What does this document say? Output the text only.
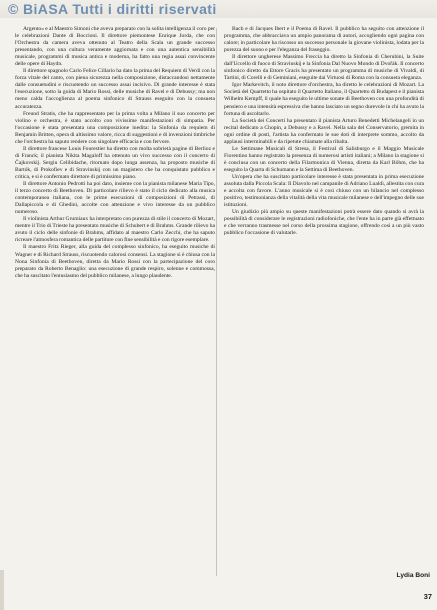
© BiASA Tutti i diritti riservati

Argento» e al Maestro Simoni che aveva preparato con la solita intelligenza il coro per le celebrazioni Dante di Boccioni. Il direttore piemontese Enrique Jorda, che con l'Orchestra da camera aveva ottenuto al Teatro della Scala un grande successo presentando, con una cultura veramente aggiornata e con una autentica sensibilità musicale, programmi di musica antica e moderna, ha fatto una regia assai convincente delle opere di Haydn.

Il direttore spagnolo Carlo Felice Cillario ha dato la prima del Requiem di Verdi con la forza vitale del canto, con piena sicurezza nella composizione, distaccandosi nettamente dalle consuetudini e riscuotendo un successo assai incisivo. Di grande interesse è stata l'esecuzione, sotto la guida di Mario Rossi, delle musiche di Ravel e di Debussy; ma non meno calda l'accoglienza al poema sinfonico di Strauss eseguito con la consueta accuratezza.

Freund Stratis, che ha rappresentato per la prima volta a Milano il suo concerto per violino e orchestra, è stato accolto con vivissime manifestazioni di simpatia. Per l'occasione è stata presentata una composizione inedita: la Sinfonia da requiem di Benjamin Britten, opera di altissimo valore, ricca di suggestioni e di invenzioni timbriche che l'orchestra ha saputo rendere con singolare efficacia e con fervore.

Il direttore francese Louis Fourestier ha diretto con molta sobrietà pagine di Berlioz e di Franck; il pianista Nikita Magaloff ha ottenuto un vivo successo con il concerto di Čajkovskij. Sergiu Celibidache, ritornato dopo lunga assenza, ha proposto musiche di Bartók, di Prokofiev e di Stravinskij con un magistero che ha conquistato pubblico e critica, e si è confermato direttore di primissimo piano.

Il direttore Antonio Pedrotti ha poi dato, insieme con la pianista milanese Maria Tipo, il terzo concerto di Beethoven. Di particolare rilievo è stato il ciclo dedicato alla musica contemporanea italiana, con le prime esecuzioni di composizioni di Petrassi, di Dallapiccola e di Ghedini, accolte con attenzione e vivo interesse da un pubblico numeroso.

Il violinista Arthur Grumiaux ha interpretato con purezza di stile il concerto di Mozart, mentre il Trio di Trieste ha presentato musiche di Schubert e di Brahms. Grande rilievo ha avuto il ciclo delle sinfonie di Brahms, affidato al maestro Carlo Zecchi, che ha saputo ricreare l'atmosfera romantica delle partiture con fine sensibilità e con rigore esemplare.

Il maestro Fritz Rieger, alla guida del complesso sinfonico, ha eseguito musiche di Wagner e di Richard Strauss, riscuotendo calorosi consensi. La stagione si è chiusa con la Nona Sinfonia di Beethoven, diretta da Mario Rossi con la partecipazione del coro preparato da Roberto Benaglio: una esecuzione di grande respiro, solenne e commossa, che ha suscitato l'entusiasmo del pubblico milanese, a lungo plaudente.

Bach e di Jacques Ibert e il Poema di Ravel. Il pubblico ha seguito con attenzione il programma, che abbracciava un ampio panorama di autori, accogliendo ogni pagina con calore; in particolare ha riscosso un successo personale la giovane violinista, lodata per la purezza del suono e per l'eleganza del fraseggio.

Il direttore ungherese Massimo Freccia ha diretto la Sinfonia di Cherubini, la Suite dall'Uccello di fuoco di Stravinskij e la Sinfonia Dal Nuovo Mondo di Dvořák. Il concerto sinfonico diretto da Ettore Gracis ha presentato un programma di musiche di Vivaldi, di Tartini, di Corelli e di Geminiani, eseguite dai Virtuosi di Roma con la consueta eleganza.

Igor Markevitch, il noto direttore d'orchestra, ha diretto le celebrazioni di Mozart. La Società del Quartetto ha ospitato il Quartetto Italiano, il Quartetto di Budapest e il pianista Wilhelm Kempff, il quale ha eseguito le ultime sonate di Beethoven con una profondità di pensiero e una intensità espressiva che hanno lasciato un segno durevole in chi ha avuto la fortuna di ascoltarlo.

La Società dei Concerti ha presentato il pianista Arturo Benedetti Michelangeli in un recital dedicato a Chopin, a Debussy e a Ravel. Nella sala del Conservatorio, gremita in ogni ordine di posti, l'artista ha confermato le sue doti di interprete sommo, accolto da applausi interminabili e da ripetute chiamate alla ribalta.

Le Settimane Musicali di Stresa, il Festival di Salisburgo e il Maggio Musicale Fiorentino hanno registrato la presenza di numerosi artisti italiani; a Milano la stagione si è conclusa con un concerto della Filarmonica di Vienna, diretta da Karl Böhm, che ha eseguito la Quarta di Schumann e la Settima di Beethoven.

Un'opera che ha suscitato particolare interesse è stata presentata in prima esecuzione assoluta dalla Piccola Scala: Il Diavolo nel campanile di Adriano Lualdi, allestita con cura e accolta con favore. L'anno musicale si è così chiuso con un bilancio nel complesso positivo, testimonianza della vitalità della vita musicale milanese e dell'impegno delle sue istituzioni.

Un giudizio più ampio su queste manifestazioni potrà essere dato quando si avrà la possibilità di considerare le registrazioni radiofoniche, che l'ente ha in parte già effettuato e che verranno trasmesse nel corso della prossima stagione, offrendo così a un più vasto pubblico l'occasione di valutarle.

Lydia Boni
37
